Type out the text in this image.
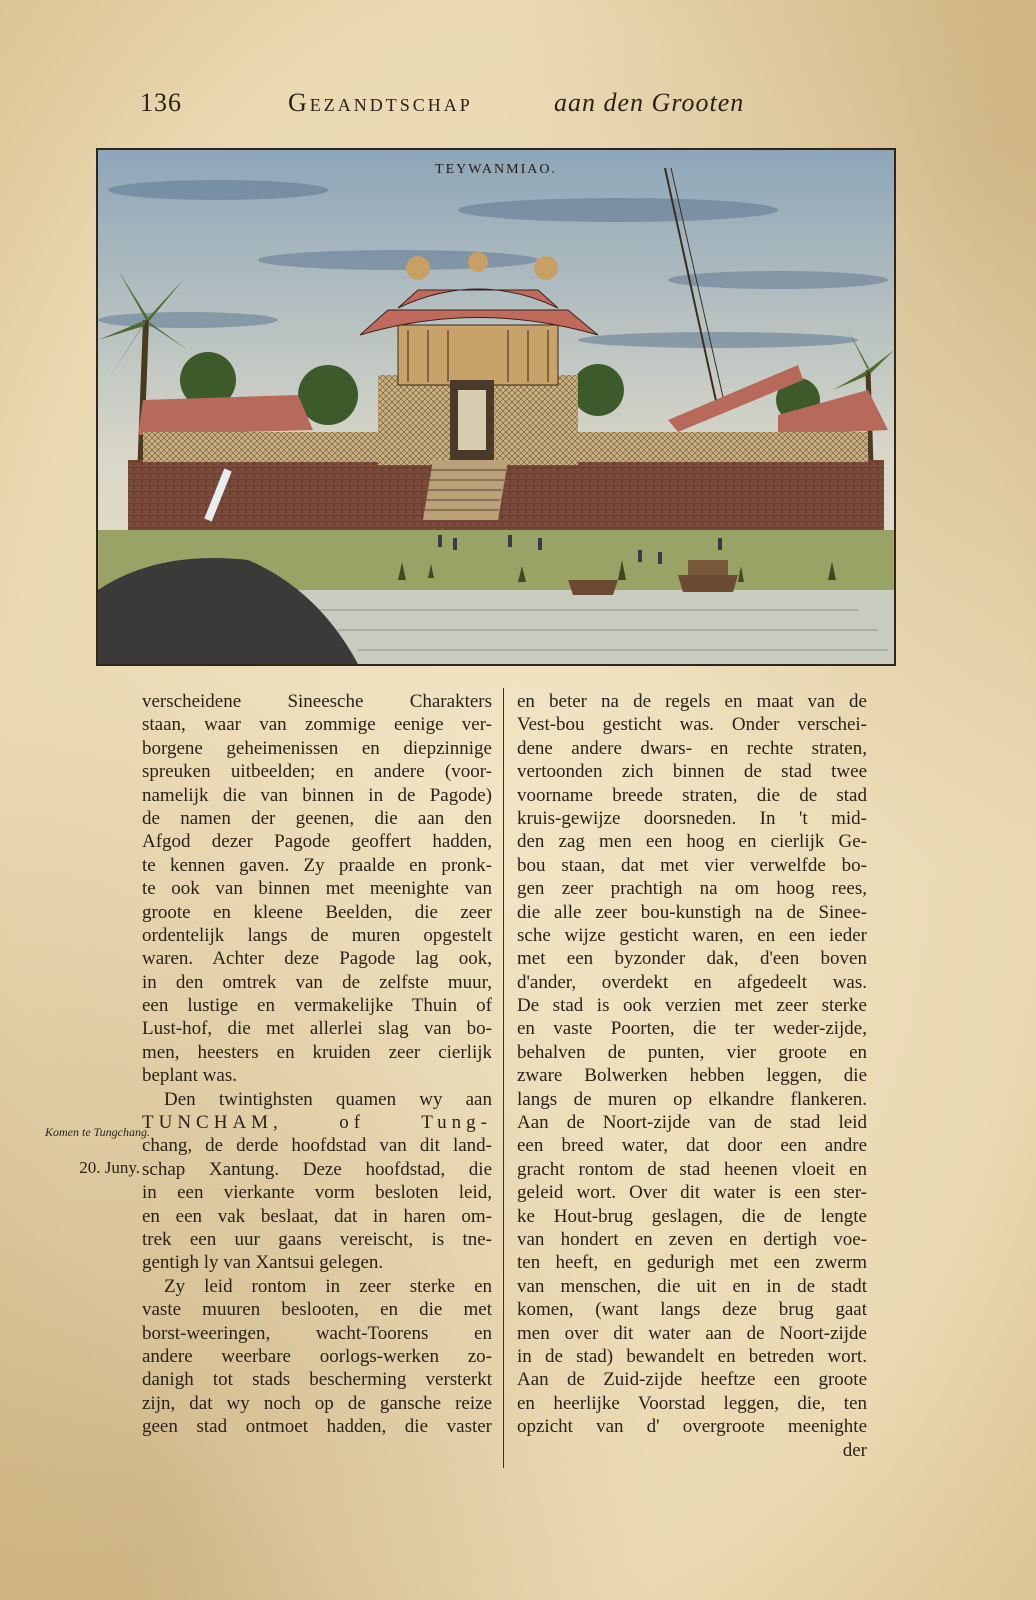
136	Gezandtschap	aan den Grooten
TEYWANMIAO.
Komen te Tungchang.
20. Juny.
verscheidene Sineesche Charakters
staan, waar van zommige eenige ver-
borgene geheimenissen en diepzinnige
spreuken uitbeelden; en andere (voor-
namelijk die van binnen in de Pagode)
de namen der geenen, die aan den
Afgod dezer Pagode geoffert hadden,
te kennen gaven. Zy praalde en pronk-
te ook van binnen met meenighte van
groote en kleene Beelden, die zeer
ordentelijk langs de muren opgestelt
waren. Achter deze Pagode lag ook,
in den omtrek van de zelfste muur,
een lustige en vermakelijke Thuin of
Lust-hof, die met allerlei slag van bo-
men, heesters en kruiden zeer cierlijk
beplant was.
Den twintighsten quamen wy aan
TUNCHAM, of Tung-
chang, de derde hoofdstad van dit land-
schap Xantung. Deze hoofdstad, die
in een vierkante vorm besloten leid,
en een vak beslaat, dat in haren om-
trek een uur gaans vereischt, is tne-
gentigh ly van Xantsui gelegen.
Zy leid rontom in zeer sterke en
vaste muuren beslooten, en die met
borst-weeringen, wacht-Toorens en
andere weerbare oorlogs-werken zo-
danigh tot stads bescherming versterkt
zijn, dat wy noch op de gansche reize
geen stad ontmoet hadden, die vaster
en beter na de regels en maat van de
Vest-bou gesticht was. Onder verschei-
dene andere dwars- en rechte straten,
vertoonden zich binnen de stad twee
voorname breede straten, die de stad
kruis-gewijze doorsneden. In 't mid-
den zag men een hoog en cierlijk Ge-
bou staan, dat met vier verwelfde bo-
gen zeer prachtigh na om hoog rees,
die alle zeer bou-kunstigh na de Sinee-
sche wijze gesticht waren, en een ieder
met een byzonder dak, d'een boven
d'ander, overdekt en afgedeelt was.
De stad is ook verzien met zeer sterke
en vaste Poorten, die ter weder-zijde,
behalven de punten, vier groote en
zware Bolwerken hebben leggen, die
langs de muren op elkandre flankeren.
Aan de Noort-zijde van de stad leid
een breed water, dat door een andre
gracht rontom de stad heenen vloeit en
geleid wort. Over dit water is een ster-
ke Hout-brug geslagen, die de lengte
van hondert en zeven en dertigh voe-
ten heeft, en gedurigh met een zwerm
van menschen, die uit en in de stadt
komen, (want langs deze brug gaat
men over dit water aan de Noort-zijde
in de stad) bewandelt en betreden wort.
Aan de Zuid-zijde heeftze een groote
en heerlijke Voorstad leggen, die, ten
opzicht van d' overgroote meenighte
der
